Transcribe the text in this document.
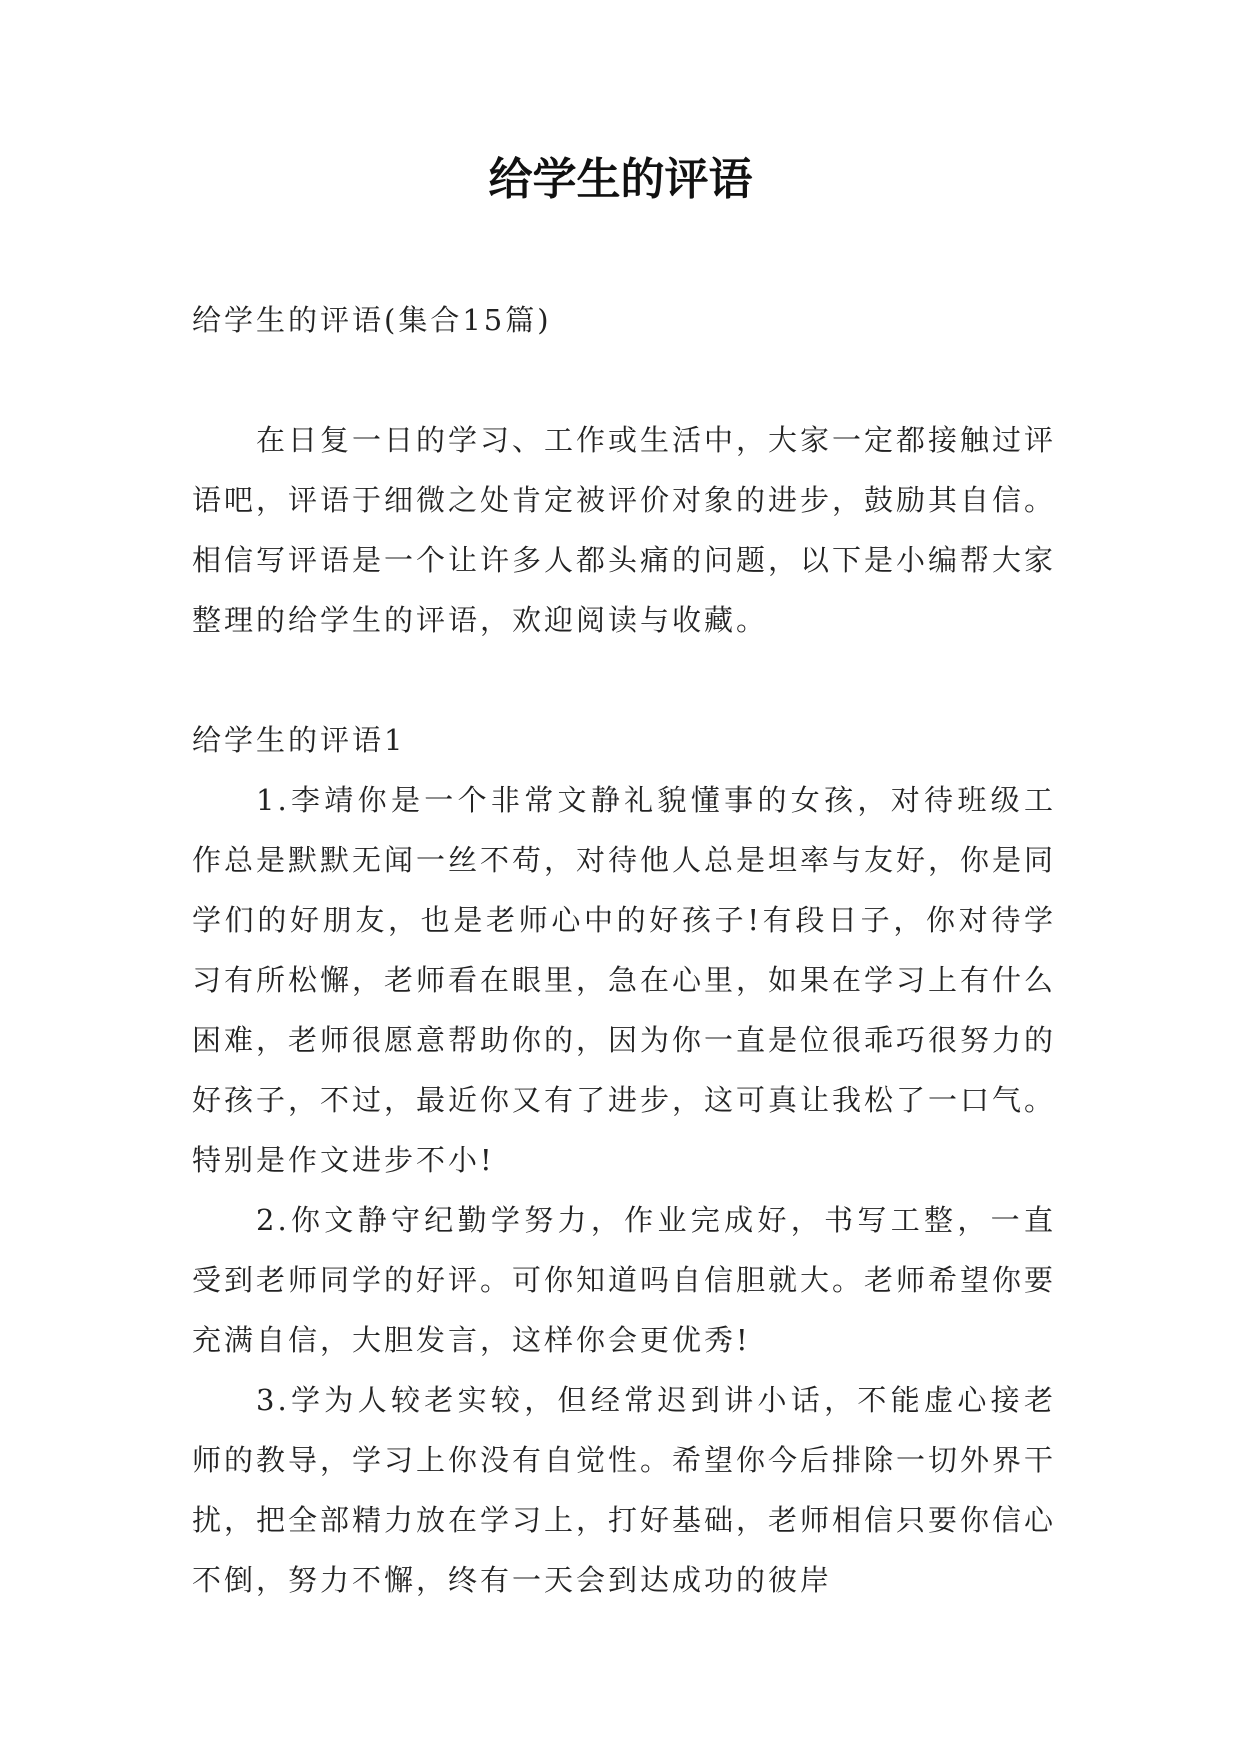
给学生的评语

给学生的评语(集合15篇)

在日复一日的学习、工作或生活中，大家一定都接触过评语吧，评语于细微之处肯定被评价对象的进步，鼓励其自信。相信写评语是一个让许多人都头痛的问题，以下是小编帮大家整理的给学生的评语，欢迎阅读与收藏。

给学生的评语1

1.李靖你是一个非常文静礼貌懂事的女孩，对待班级工作总是默默无闻一丝不苟，对待他人总是坦率与友好，你是同学们的好朋友，也是老师心中的好孩子!有段日子，你对待学习有所松懈，老师看在眼里，急在心里，如果在学习上有什么困难，老师很愿意帮助你的，因为你一直是位很乖巧很努力的好孩子，不过，最近你又有了进步，这可真让我松了一口气。特别是作文进步不小!

2.你文静守纪勤学努力，作业完成好，书写工整，一直受到老师同学的好评。可你知道吗自信胆就大。老师希望你要充满自信，大胆发言，这样你会更优秀!

3.学为人较老实较，但经常迟到讲小话，不能虚心接老师的教导，学习上你没有自觉性。希望你今后排除一切外界干扰，把全部精力放在学习上，打好基础，老师相信只要你信心不倒，努力不懈，终有一天会到达成功的彼岸
